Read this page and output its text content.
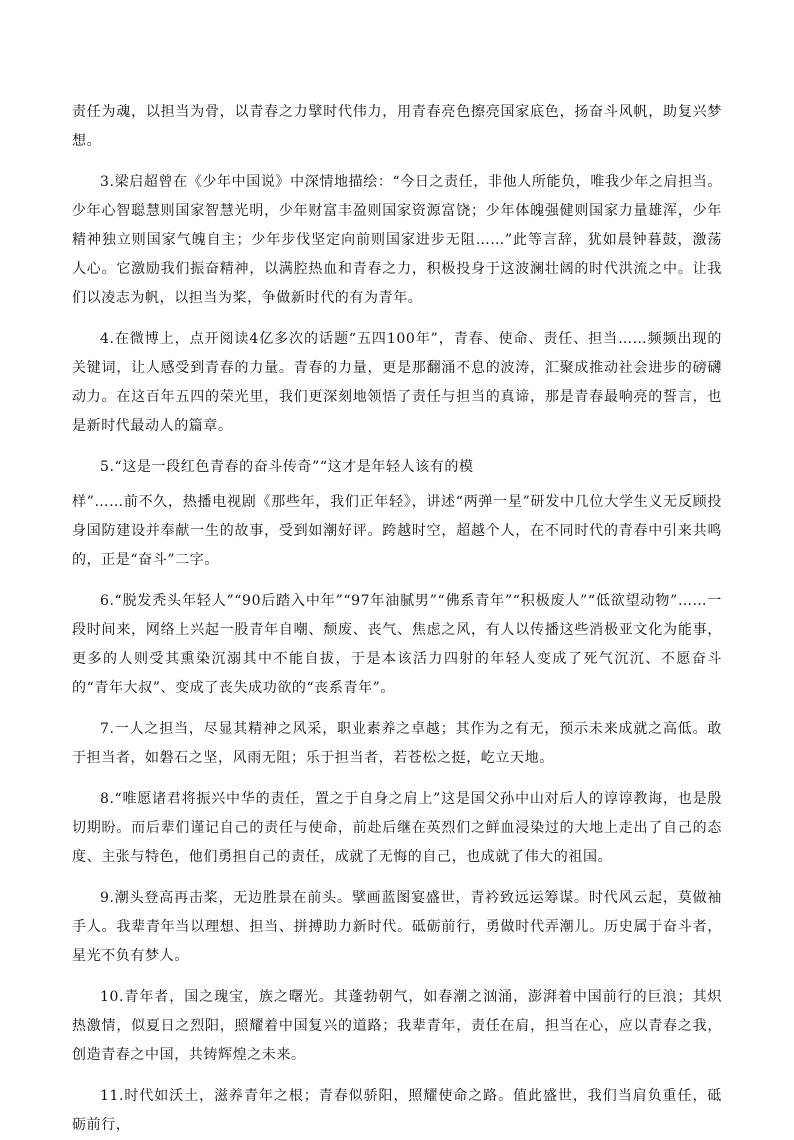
责任为魂，以担当为骨，以青春之力擘时代伟力，用青春亮色擦亮国家底色，扬奋斗风帆，助复兴梦想。

3.梁启超曾在《少年中国说》中深情地描绘：“今日之责任，非他人所能负，唯我少年之肩担当。少年心智聪慧则国家智慧光明，少年财富丰盈则国家资源富饶；少年体魄强健则国家力量雄浑，少年精神独立则国家气魄自主；少年步伐坚定向前则国家进步无阻……”此等言辞，犹如晨钟暮鼓，激荡人心。它激励我们振奋精神，以满腔热血和青春之力，积极投身于这波澜壮阔的时代洪流之中。让我们以凌志为帆，以担当为桨，争做新时代的有为青年。

4.在微博上，点开阅读4亿多次的话题“五四100年”，青春、使命、责任、担当……频频出现的关键词，让人感受到青春的力量。青春的力量，更是那翻涌不息的波涛，汇聚成推动社会进步的磅礴动力。在这百年五四的荣光里，我们更深刻地领悟了责任与担当的真谛，那是青春最响亮的誓言，也是新时代最动人的篇章。

5.“这是一段红色青春的奋斗传奇”“这才是年轻人该有的模

样”……前不久，热播电视剧《那些年，我们正年轻》，讲述“两弹一星”研发中几位大学生义无反顾投身国防建设并奉献一生的故事，受到如潮好评。跨越时空，超越个人，在不同时代的青春中引来共鸣的，正是“奋斗”二字。

6.“脱发秃头年轻人”“90后踏入中年”“97年油腻男”“佛系青年”“积极废人”“低欲望动物”……一段时间来，网络上兴起一股青年自嘲、颓废、丧气、焦虑之风，有人以传播这些消极亚文化为能事，更多的人则受其熏染沉溺其中不能自拔，于是本该活力四射的年轻人变成了死气沉沉、不愿奋斗的“青年大叔”、变成了丧失成功欲的“丧系青年”。

7.一人之担当，尽显其精神之风采，职业素养之卓越；其作为之有无，预示未来成就之高低。敢于担当者，如磐石之坚，风雨无阻；乐于担当者，若苍松之挺，屹立天地。

8.“唯愿诸君将振兴中华的责任，置之于自身之肩上”这是国父孙中山对后人的谆谆教诲，也是殷切期盼。而后辈们谨记自己的责任与使命，前赴后继在英烈们之鲜血浸染过的大地上走出了自己的态度、主张与特色，他们勇担自己的责任，成就了无悔的自己，也成就了伟大的祖国。

9.潮头登高再击桨，无边胜景在前头。擘画蓝图宴盛世，青衿致远运筹谋。时代风云起，莫做袖手人。我辈青年当以理想、担当、拼搏助力新时代。砥砺前行，勇做时代弄潮儿。历史属于奋斗者，星光不负有梦人。

10.青年者，国之瑰宝，族之曙光。其蓬勃朝气，如春潮之汹涌，澎湃着中国前行的巨浪；其炽热激情，似夏日之烈阳，照耀着中国复兴的道路；我辈青年，责任在肩，担当在心，应以青春之我，创造青春之中国，共铸辉煌之未来。

11.时代如沃土，滋养青年之根；青春似骄阳，照耀使命之路。值此盛世，我们当肩负重任，砥砺前行，
